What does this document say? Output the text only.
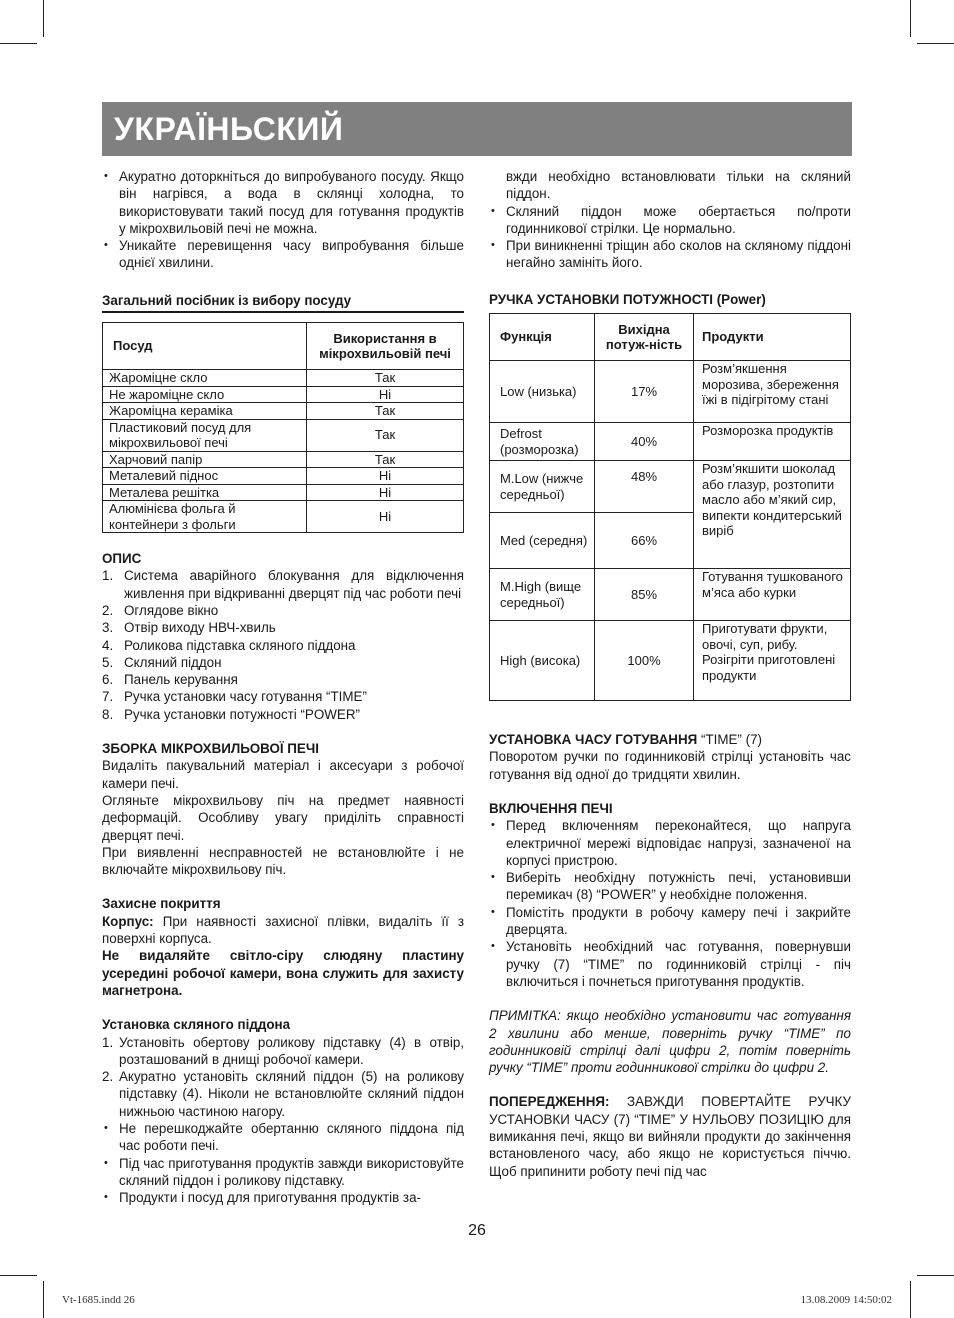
УКРАЇНЬСКИЙ
• Акуратно доторкніться до випробуваного посуду. Якщо він нагрівся, а вода в склянці холодна, то використовувати такий посуд для готування продуктів у мікрохвильовій печі не можна.
• Уникайте перевищення часу випробування більше однієї хвилини.

Загальний посібник із вибору посуду

Посуд	Використання в мікрохвильовій печі
Жароміцне скло	Так
Не жароміцне скло	Ні
Жароміцна кераміка	Так
Пластиковий посуд для мікрохвильової печі	Так
Харчовий папір	Так
Металевий піднос	Ні
Металева решітка	Ні
Алюмінієва фольга й контейнери з фольги	Ні

ОПИС

1. Система аварійного блокування для відключення живлення при відкриванні дверцят під час роботи печі
2. Оглядове вікно
3. Отвір виходу НВЧ-хвиль
4. Роликова підставка скляного піддона
5. Скляний піддон
6. Панель керування
7. Ручка установки часу готування “TIME”
8. Ручка установки потужності “POWER”

ЗБОРКА МІКРОХВИЛЬОВОЇ ПЕЧІ

Видаліть пакувальний матеріал і аксесуари з робочої камери печі.

Огляньте мікрохвильову піч на предмет наявності деформацій. Особливу увагу приділіть справності дверцят печі.

При виявленні несправностей не встановлюйте і не включайте мікрохвильову піч.

Захисне покриття

Корпус: При наявності захисної плівки, видаліть її з поверхні корпуса.

Не видаляйте світло-сіру слюдяну пластину усередині робочої камери, вона служить для захисту магнетрона.

Установка скляного піддона

1. Установіть обертову роликову підставку (4) в отвір, розташований в днищі робочої камери.
2. Акуратно установіть скляний піддон (5) на роликову підставку (4). Ніколи не встановлюйте скляний піддон нижньою частиною нагору.
• Не перешкоджайте обертанню скляного піддона під час роботи печі.
• Під час приготування продуктів завжди використовуйте скляний піддон і роликову підставку.
• Продукти і посуд для приготування продуктів за-

вжди необхідно встановлювати тільки на скляний піддон.

• Скляний піддон може обертається по/проти годинникової стрілки. Це нормально.
• При виникненні тріщин або сколов на скляному піддоні негайно замініть його.

РУЧКА УСТАНОВКИ ПОТУЖНОСТІ (Power)

Функція	Вихідна потуж-ність	Продукти
Low (низька)	17%	Розм’якшення морозива, збереження їжі в підігрітому стані
Defrost (розморозка)	40%	Розморозка продуктів
M.Low (нижче середньої)	48%	Розм’якшити шоколад або глазур, розтопити масло або м’який сир, випекти кондитерський виріб
Med (середня)	66%	
M.High (вище середньої)	85%	Готування тушкованого м’яса або курки
High (висока)	100%	Приготувати фрукти, овочі, суп, рибу. Розігріти приготовлені продукти

УСТАНОВКА ЧАСУ ГОТУВАННЯ “TIME” (7)

Поворотом ручки по годинниковій стрілці установіть час готування від одної до тридцяти хвилин.

ВКЛЮЧЕННЯ ПЕЧІ

• Перед включенням переконайтеся, що напруга електричної мережі відповідає напрузі, зазначеної на корпусі пристрою.
• Виберіть необхідну потужність печі, установивши перемикач (8) “POWER” у необхідне положення.
• Помістіть продукти в робочу камеру печі і закрийте дверцята.
• Установіть необхідний час готування, повернувши ручку (7) “TIME” по годинниковій стрілці - піч включиться і почнеться приготування продуктів.

ПРИМІТКА: якщо необхідно установити час готування 2 хвилини або менше, поверніть ручку “TIME” по годинниковій стрілці далі цифри 2, потім поверніть ручку “TIME” проти годинникової стрілки до цифри 2.

ПОПЕРЕДЖЕННЯ: ЗАВЖДИ ПОВЕРТАЙТЕ РУЧКУ УСТАНОВКИ ЧАСУ (7) “TIME” У НУЛЬОВУ ПОЗИЦІЮ для вимикання печі, якщо ви вийняли продукти до закінчення встановленого часу, або якщо не користується піччю. Щоб припинити роботу печі під час

26
Vt-1685.indd 26	13.08.2009 14:50:02
